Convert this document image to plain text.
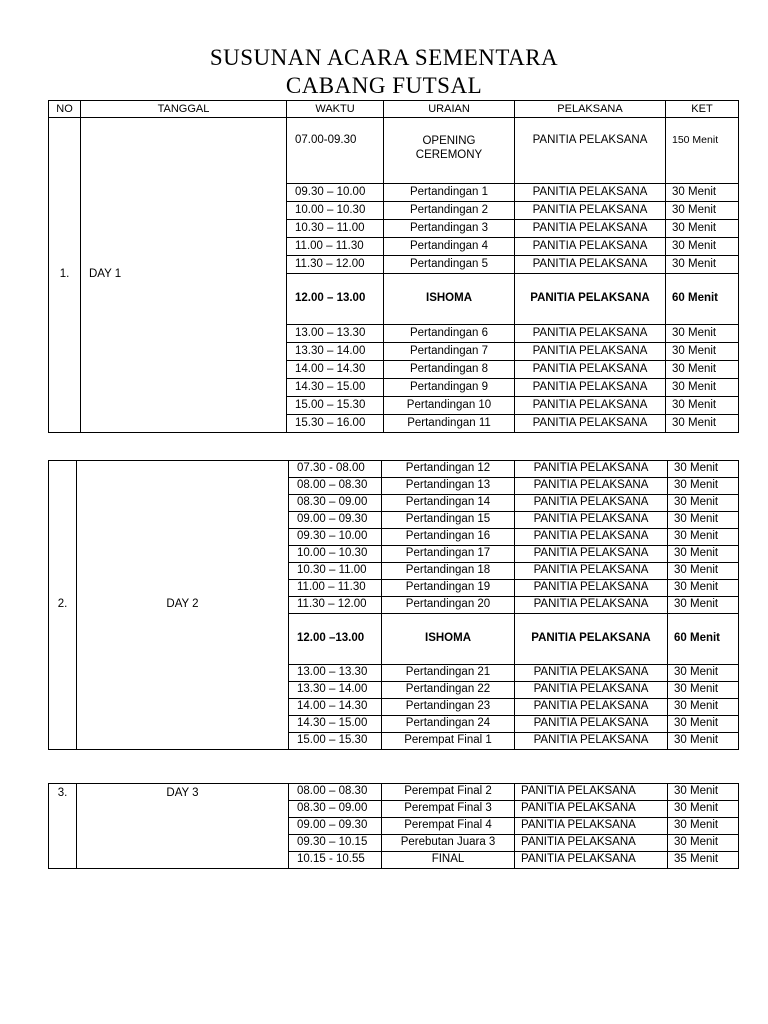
SUSUNAN ACARA SEMENTARA
CABANG FUTSAL
NO	TANGGAL	WAKTU	URAIAN	PELAKSANA	KET
1.	DAY 1	07.00-09.30	OPENING CEREMONY	PANITIA PELAKSANA	150 Menit
		09.30 – 10.00	Pertandingan 1	PANITIA PELAKSANA	30 Menit
		10.00 – 10.30	Pertandingan 2	PANITIA PELAKSANA	30 Menit
		10.30 – 11.00	Pertandingan 3	PANITIA PELAKSANA	30 Menit
		11.00 – 11.30	Pertandingan 4	PANITIA PELAKSANA	30 Menit
		11.30 – 12.00	Pertandingan 5	PANITIA PELAKSANA	30 Menit
		12.00 – 13.00	ISHOMA	PANITIA PELAKSANA	60 Menit
		13.00 – 13.30	Pertandingan 6	PANITIA PELAKSANA	30 Menit
		13.30 – 14.00	Pertandingan 7	PANITIA PELAKSANA	30 Menit
		14.00 – 14.30	Pertandingan 8	PANITIA PELAKSANA	30 Menit
		14.30 – 15.00	Pertandingan 9	PANITIA PELAKSANA	30 Menit
		15.00 – 15.30	Pertandingan 10	PANITIA PELAKSANA	30 Menit
		15.30 – 16.00	Pertandingan 11	PANITIA PELAKSANA	30 Menit
2.	DAY 2	07.30 - 08.00	Pertandingan 12	PANITIA PELAKSANA	30 Menit
		08.00 – 08.30	Pertandingan 13	PANITIA PELAKSANA	30 Menit
		08.30 – 09.00	Pertandingan 14	PANITIA PELAKSANA	30 Menit
		09.00 – 09.30	Pertandingan 15	PANITIA PELAKSANA	30 Menit
		09.30 – 10.00	Pertandingan 16	PANITIA PELAKSANA	30 Menit
		10.00 – 10.30	Pertandingan 17	PANITIA PELAKSANA	30 Menit
		10.30 – 11.00	Pertandingan 18	PANITIA PELAKSANA	30 Menit
		11.00 – 11.30	Pertandingan 19	PANITIA PELAKSANA	30 Menit
		11.30 – 12.00	Pertandingan 20	PANITIA PELAKSANA	30 Menit
		12.00 –13.00	ISHOMA	PANITIA PELAKSANA	60 Menit
		13.00 – 13.30	Pertandingan 21	PANITIA PELAKSANA	30 Menit
		13.30 – 14.00	Pertandingan 22	PANITIA PELAKSANA	30 Menit
		14.00 – 14.30	Pertandingan 23	PANITIA PELAKSANA	30 Menit
		14.30 – 15.00	Pertandingan 24	PANITIA PELAKSANA	30 Menit
		15.00 – 15.30	Perempat Final 1	PANITIA PELAKSANA	30 Menit
3.	DAY 3	08.00 – 08.30	Perempat Final 2	PANITIA PELAKSANA	30 Menit
		08.30 – 09.00	Perempat Final 3	PANITIA PELAKSANA	30 Menit
		09.00 – 09.30	Perempat Final 4	PANITIA PELAKSANA	30 Menit
		09.30 – 10.15	Perebutan Juara 3	PANITIA PELAKSANA	30 Menit
		10.15 - 10.55	FINAL	PANITIA PELAKSANA	35 Menit
